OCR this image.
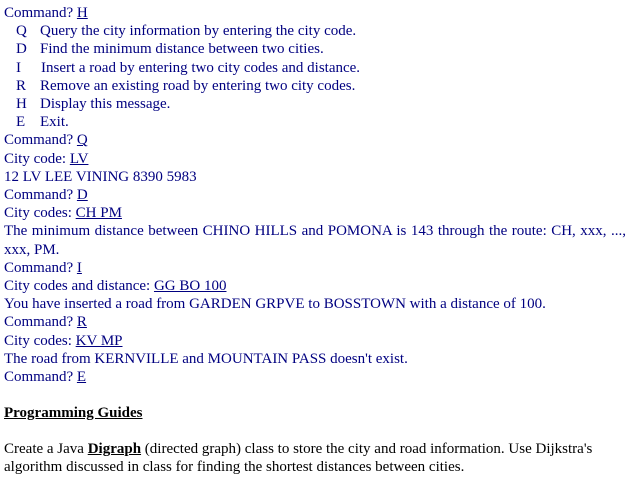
Command? H
Q Query the city information by entering the city code.
D Find the minimum distance between two cities.
I Insert a road by entering two city codes and distance.
R Remove an existing road by entering two city codes.
H Display this message.
E Exit.
Command? Q
City code: LV
12 LV LEE VINING 8390 5983
Command? D
City codes: CH PM
The minimum distance between CHINO HILLS and POMONA is 143 through the route: CH, xxx, ..., xxx, PM.
Command? I
City codes and distance: GG BO 100
You have inserted a road from GARDEN GRPVE to BOSSTOWN with a distance of 100.
Command? R
City codes: KV MP
The road from KERNVILLE and MOUNTAIN PASS doesn't exist.
Command? E
Programming Guides
Create a Java Digraph (directed graph) class to store the city and road information. Use Dijkstra's algorithm discussed in class for finding the shortest distances between cities.
